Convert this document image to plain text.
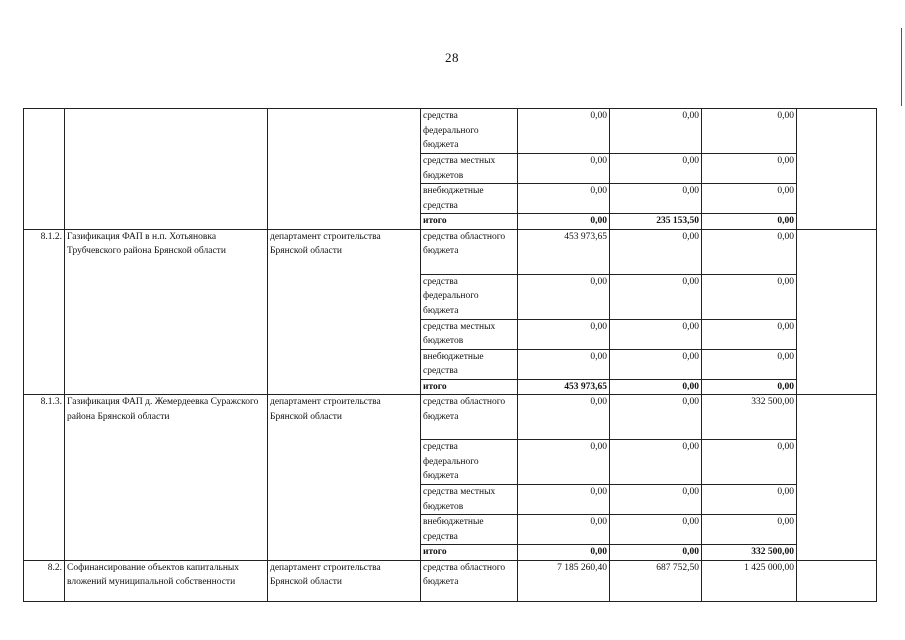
28
			средства федерального бюджета	0,00	0,00	0,00	
			средства местных бюджетов	0,00	0,00	0,00	
			внебюджетные средства	0,00	0,00	0,00	
			итого	0,00	235 153,50	0,00	
8.1.2.	Газификация ФАП в н.п. Хотьяновка Трубчевского района Брянской области	департамент строительства Брянской области	средства областного бюджета	453 973,65	0,00	0,00	
			средства федерального бюджета	0,00	0,00	0,00	
			средства местных бюджетов	0,00	0,00	0,00	
			внебюджетные средства	0,00	0,00	0,00	
			итого	453 973,65	0,00	0,00	
8.1.3.	Газификация ФАП д. Жемердеевка Суражского района Брянской области	департамент строительства Брянской области	средства областного бюджета	0,00	0,00	332 500,00	
			средства федерального бюджета	0,00	0,00	0,00	
			средства местных бюджетов	0,00	0,00	0,00	
			внебюджетные средства	0,00	0,00	0,00	
			итого	0,00	0,00	332 500,00	
8.2.	Софинансирование объектов капитальных вложений муниципальной собственности	департамент строительства Брянской области	средства областного бюджета	7 185 260,40	687 752,50	1 425 000,00	
